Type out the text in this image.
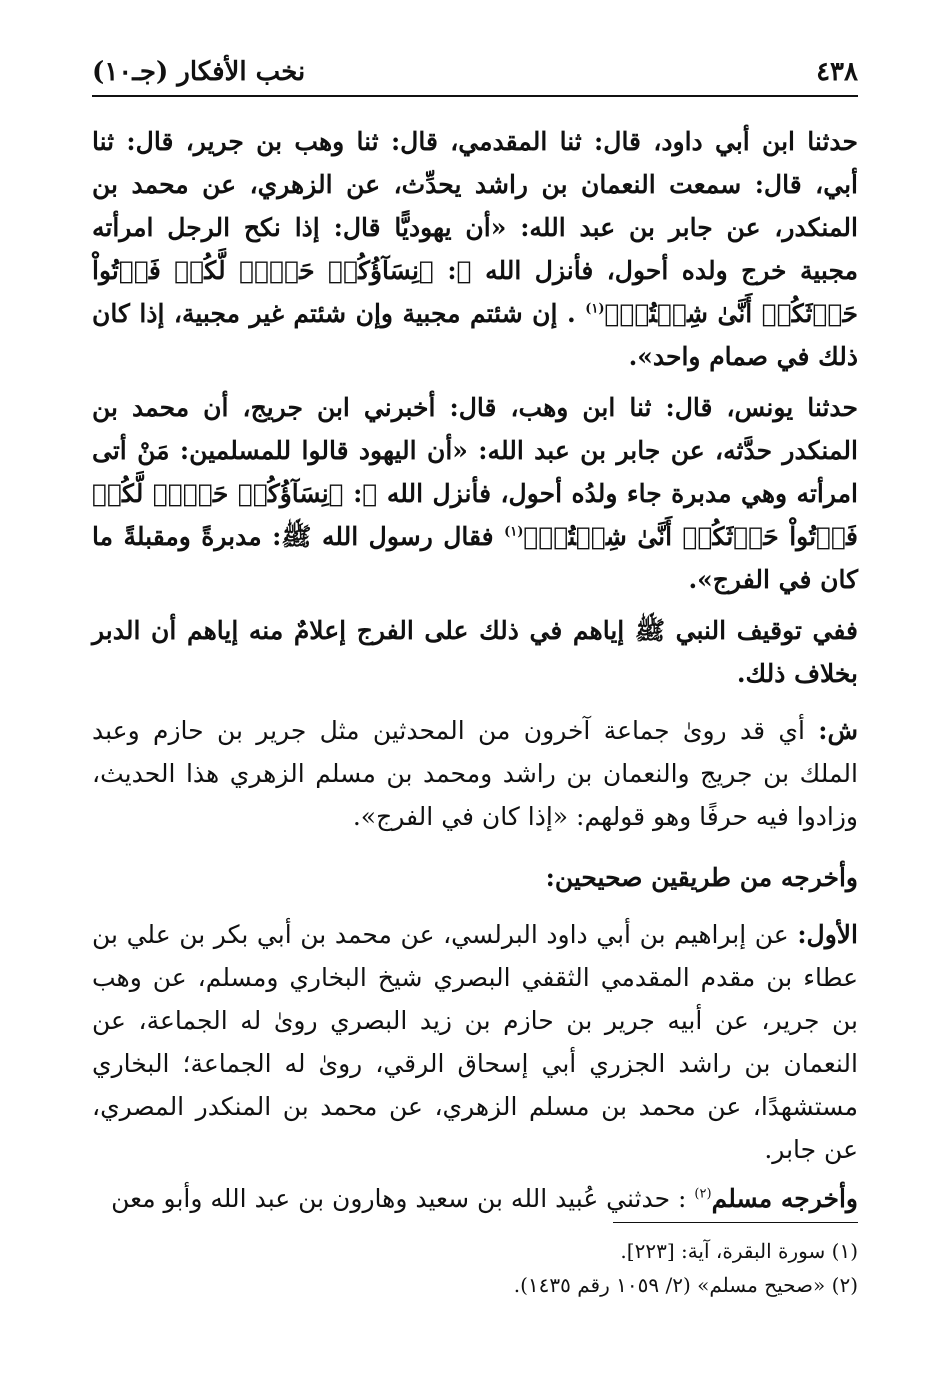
٤٣٨
نخب الأفكار (جـ١٠)

حدثنا ابن أبي داود، قال: ثنا المقدمي، قال: ثنا وهب بن جرير، قال: ثنا أبي، قال: سمعت النعمان بن راشد يحدِّث، عن الزهري، عن محمد بن المنكدر، عن جابر بن عبد الله: «أن يهوديًّا قال: إذا نكح الرجل امرأته مجبية خرج ولده أحول، فأنزل الله ﷻ: ﴿نِسَآؤُكُمۡ حَرۡثٞ لَّكُمۡ فَأۡتُواْ حَرۡثَكُمۡ أَنَّىٰ شِئۡتُمۡ﴾$^{(١)}$ . إن شئتم مجبية وإن شئتم غير مجبية، إذا كان ذلك في صمام واحد».

حدثنا يونس، قال: ثنا ابن وهب، قال: أخبرني ابن جريج، أن محمد بن المنكدر حدَّثه، عن جابر بن عبد الله: «أن اليهود قالوا للمسلمين: مَنْ أتى امرأته وهي مدبرة جاء ولدُه أحول، فأنزل الله ﷻ: ﴿نِسَآؤُكُمۡ حَرۡثٞ لَّكُمۡ فَأۡتُواْ حَرۡثَكُمۡ أَنَّىٰ شِئۡتُمۡ﴾$^{(١)}$ فقال رسول الله ﷺ: مدبرةً ومقبلةً ما كان في الفرج».

ففي توقيف النبي ﷺ إياهم في ذلك على الفرج إعلامٌ منه إياهم أن الدبر بخلاف ذلك.

ش: أي قد روىٰ جماعة آخرون من المحدثين مثل جرير بن حازم وعبد الملك بن جريج والنعمان بن راشد ومحمد بن مسلم الزهري هذا الحديث، وزادوا فيه حرفًا وهو قولهم: «إذا كان في الفرج».

وأخرجه من طريقين صحيحين:

الأول: عن إبراهيم بن أبي داود البرلسي، عن محمد بن أبي بكر بن علي بن عطاء بن مقدم المقدمي الثقفي البصري شيخ البخاري ومسلم، عن وهب بن جرير، عن أبيه جرير بن حازم بن زيد البصري روىٰ له الجماعة، عن النعمان بن راشد الجزري أبي إسحاق الرقي، روىٰ له الجماعة؛ البخاري مستشهدًا، عن محمد بن مسلم الزهري، عن محمد بن المنكدر المصري، عن جابر.

وأخرجه مسلم$^{(٢)}$ : حدثني عُبيد الله بن سعيد وهارون بن عبد الله وأبو معن

(١) سورة البقرة، آية: [٢٢٣].

(٢) «صحيح مسلم» (٢/ ١٠٥٩ رقم ١٤٣٥).
